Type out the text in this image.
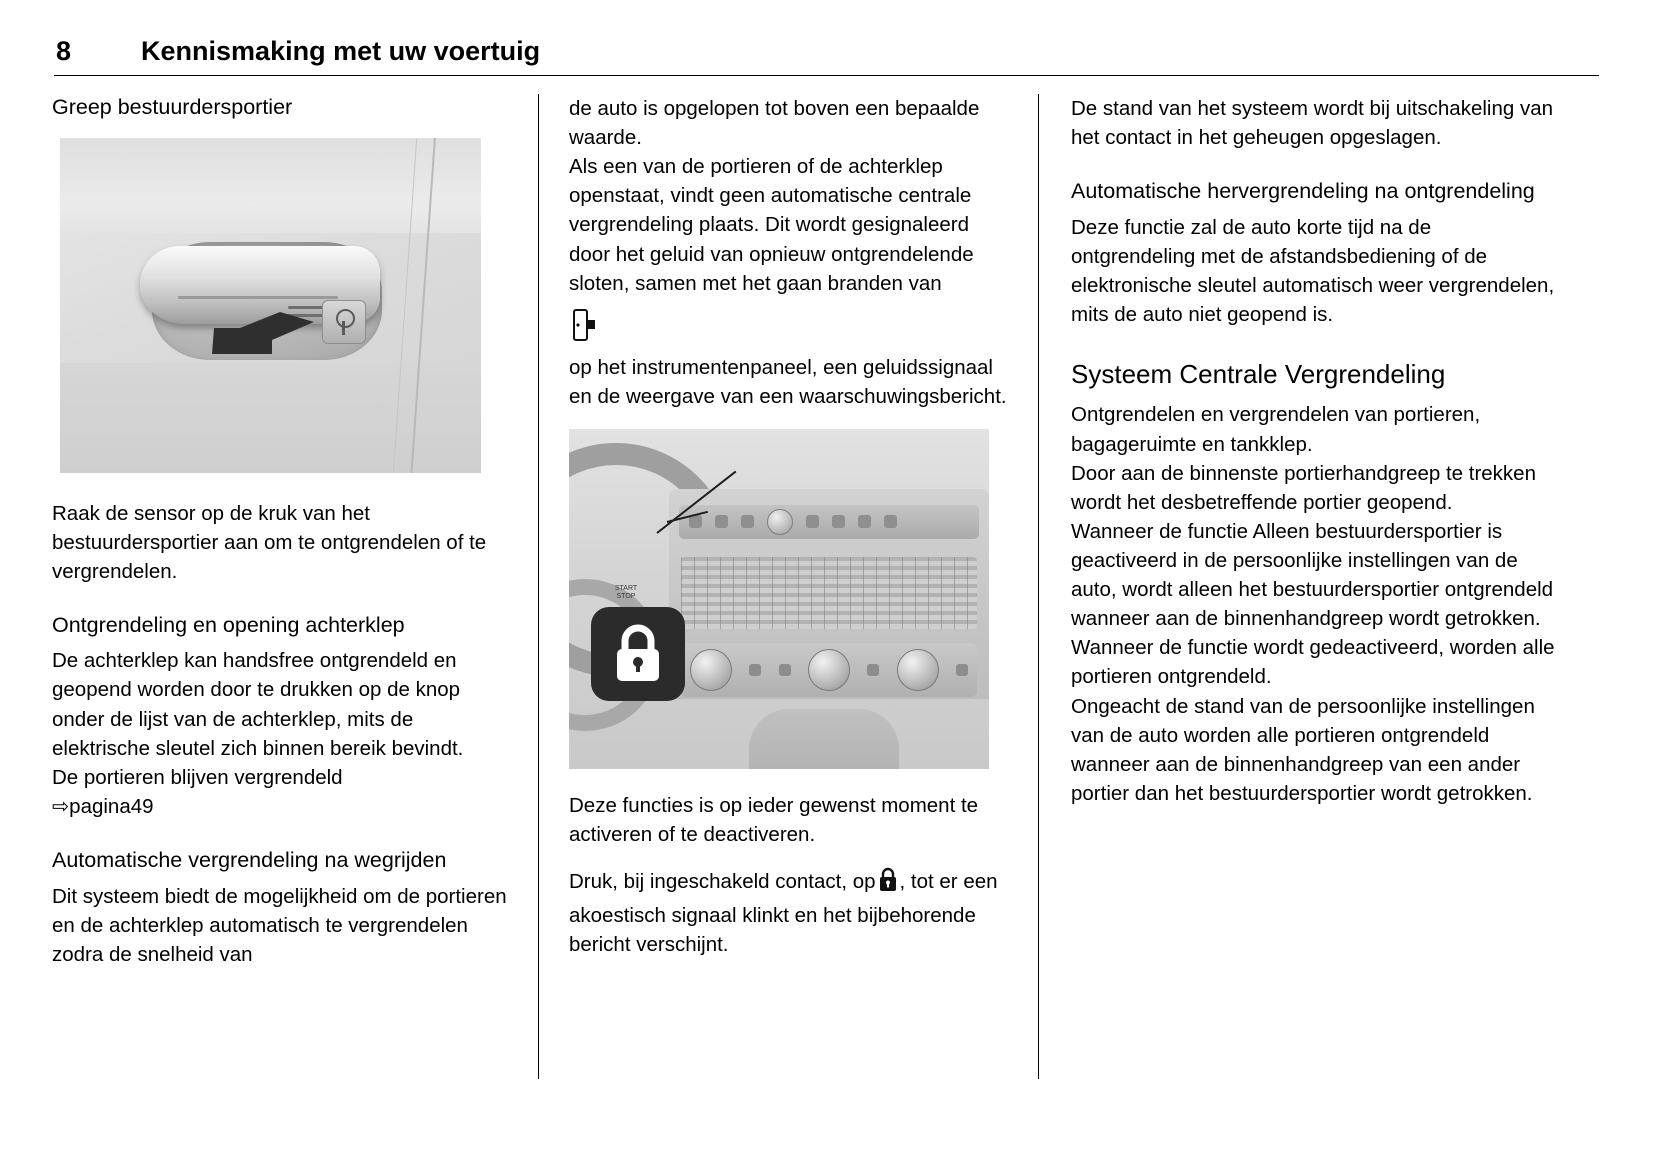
8	Kennismaking met uw voertuig
Greep bestuurdersportier

Raak de sensor op de kruk van het bestuurdersportier aan om te ontgrendelen of te vergrendelen.

Ontgrendeling en opening achterklep

De achterklep kan handsfree ontgrendeld en geopend worden door te drukken op de knop onder de lijst van de achterklep, mits de elektrische sleutel zich binnen bereik bevindt.

De portieren blijven vergrendeld

⇨pagina49

Automatische vergrendeling na wegrijden

Dit systeem biedt de mogelijkheid om de portieren en de achterklep automatisch te vergrendelen zodra de snelheid van

de auto is opgelopen tot boven een bepaalde waarde.

Als een van de portieren of de achterklep openstaat, vindt geen automatische centrale vergrendeling plaats. Dit wordt gesignaleerd door het geluid van opnieuw ontgrendelende sloten, samen met het gaan branden van

op het instrumentenpaneel, een geluidssignaal en de weergave van een waarschuwingsbericht.

START
STOP

Deze functies is op ieder gewenst moment te activeren of te deactiveren.

Druk, bij ingeschakeld contact, op , tot er een akoestisch signaal klinkt en het bijbehorende bericht verschijnt.

De stand van het systeem wordt bij uitschakeling van het contact in het geheugen opgeslagen.

Automatische hervergrendeling na ontgrendeling

Deze functie zal de auto korte tijd na de ontgrendeling met de afstandsbediening of de elektronische sleutel automatisch weer vergrendelen, mits de auto niet geopend is.

Systeem Centrale Vergrendeling

Ontgrendelen en vergrendelen van portieren, bagageruimte en tankklep.

Door aan de binnenste portierhandgreep te trekken wordt het desbetreffende portier geopend.

Wanneer de functie Alleen bestuurdersportier is geactiveerd in de persoonlijke instellingen van de auto, wordt alleen het bestuurdersportier ontgrendeld wanneer aan de binnenhandgreep wordt getrokken.

Wanneer de functie wordt gedeactiveerd, worden alle portieren ontgrendeld.

Ongeacht de stand van de persoonlijke instellingen van de auto worden alle portieren ontgrendeld wanneer aan de binnenhandgreep van een ander portier dan het bestuurdersportier wordt getrokken.
